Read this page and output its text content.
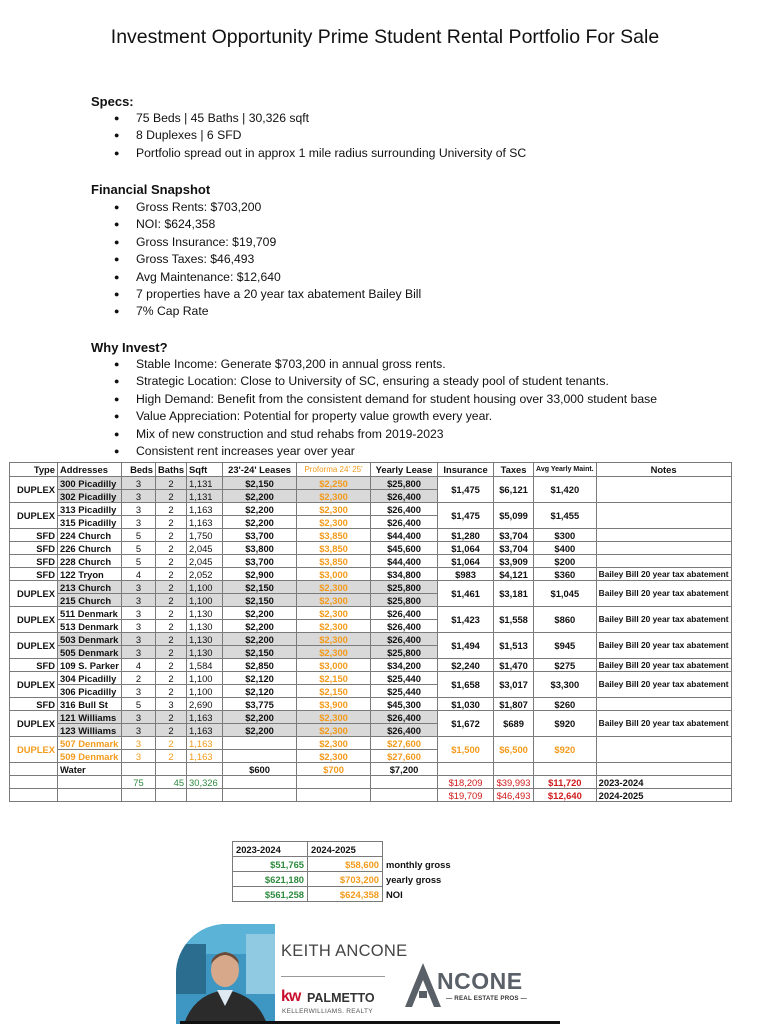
Investment Opportunity Prime Student Rental Portfolio For Sale
Specs:
● 75 Beds | 45 Baths | 30,326 sqft
● 8 Duplexes | 6 SFD
● Portfolio spread out in approx 1 mile radius surrounding University of SC
Financial Snapshot
● Gross Rents: $703,200
● NOI: $624,358
● Gross Insurance: $19,709
● Gross Taxes: $46,493
● Avg Maintenance: $12,640
● 7 properties have a 20 year tax abatement Bailey Bill
● 7% Cap Rate
Why Invest?
● Stable Income: Generate $703,200 in annual gross rents.
● Strategic Location: Close to University of SC, ensuring a steady pool of student tenants.
● High Demand: Benefit from the consistent demand for student housing over 33,000 student base
● Value Appreciation: Potential for property value growth every year.
● Mix of new construction and stud rehabs from 2019-2023
● Consistent rent increases year over year
Type	Addresses	Beds	Baths	Sqft	23'-24' Leases	Proforma 24' 25'	Yearly Lease	Insurance	Taxes	Avg Yearly Maint.	Notes
DUPLEX	300 Picadilly	3	2	1,131	$2,150	$2,250	$25,800	$1,475	$6,121	$1,420	
	302 Picadilly	3	2	1,131	$2,200	$2,300	$26,400				
DUPLEX	313 Picadilly	3	2	1,163	$2,200	$2,300	$26,400	$1,475	$5,099	$1,455	
	315 Picadilly	3	2	1,163	$2,200	$2,300	$26,400				
SFD	224 Church	5	2	1,750	$3,700	$3,850	$44,400	$1,280	$3,704	$300	
SFD	226 Church	5	2	2,045	$3,800	$3,850	$45,600	$1,064	$3,704	$400	
SFD	228 Church	5	2	2,045	$3,700	$3,850	$44,400	$1,064	$3,909	$200	
SFD	122 Tryon	4	2	2,052	$2,900	$3,000	$34,800	$983	$4,121	$360	Bailey Bill 20 year tax abatement
DUPLEX	213 Church	3	2	1,100	$2,150	$2,300	$25,800	$1,461	$3,181	$1,045	Bailey Bill 20 year tax abatement
	215 Church	3	2	1,100	$2,150	$2,300	$25,800				
DUPLEX	511 Denmark	3	2	1,130	$2,200	$2,300	$26,400	$1,423	$1,558	$860	Bailey Bill 20 year tax abatement
	513 Denmark	3	2	1,130	$2,200	$2,300	$26,400				
DUPLEX	503 Denmark	3	2	1,130	$2,200	$2,300	$26,400	$1,494	$1,513	$945	Bailey Bill 20 year tax abatement
	505 Denmark	3	2	1,130	$2,150	$2,300	$25,800				
SFD	109 S. Parker	4	2	1,584	$2,850	$3,000	$34,200	$2,240	$1,470	$275	Bailey Bill 20 year tax abatement
DUPLEX	304 Picadilly	2	2	1,100	$2,120	$2,150	$25,440	$1,658	$3,017	$3,300	Bailey Bill 20 year tax abatement
	306 Picadilly	3	2	1,100	$2,120	$2,150	$25,440				
SFD	316 Bull St	5	3	2,690	$3,775	$3,900	$45,300	$1,030	$1,807	$260	
DUPLEX	121 Williams	3	2	1,163	$2,200	$2,300	$26,400	$1,672	$689	$920	Bailey Bill 20 year tax abatement
	123 Williams	3	2	1,163	$2,200	$2,300	$26,400				
DUPLEX	507 Denmark	3	2	1,163		$2,300	$27,600	$1,500	$6,500	$920	
	509 Denmark	3	2	1,163		$2,300	$27,600				
	Water				$600	$700	$7,200				
		75	45	30,326				$18,209	$39,993	$11,720	2023-2024
								$19,709	$46,493	$12,640	2024-2025
2023-2024	2024-2025	
$51,765	$58,600	monthly gross
$621,180	$703,200	yearly gross
$561,258	$624,358	NOI
KEITH ANCONE
kw PALMETTO
KELLERWILLIAMS. REALTY
NCONE
— REAL ESTATE PROS —
